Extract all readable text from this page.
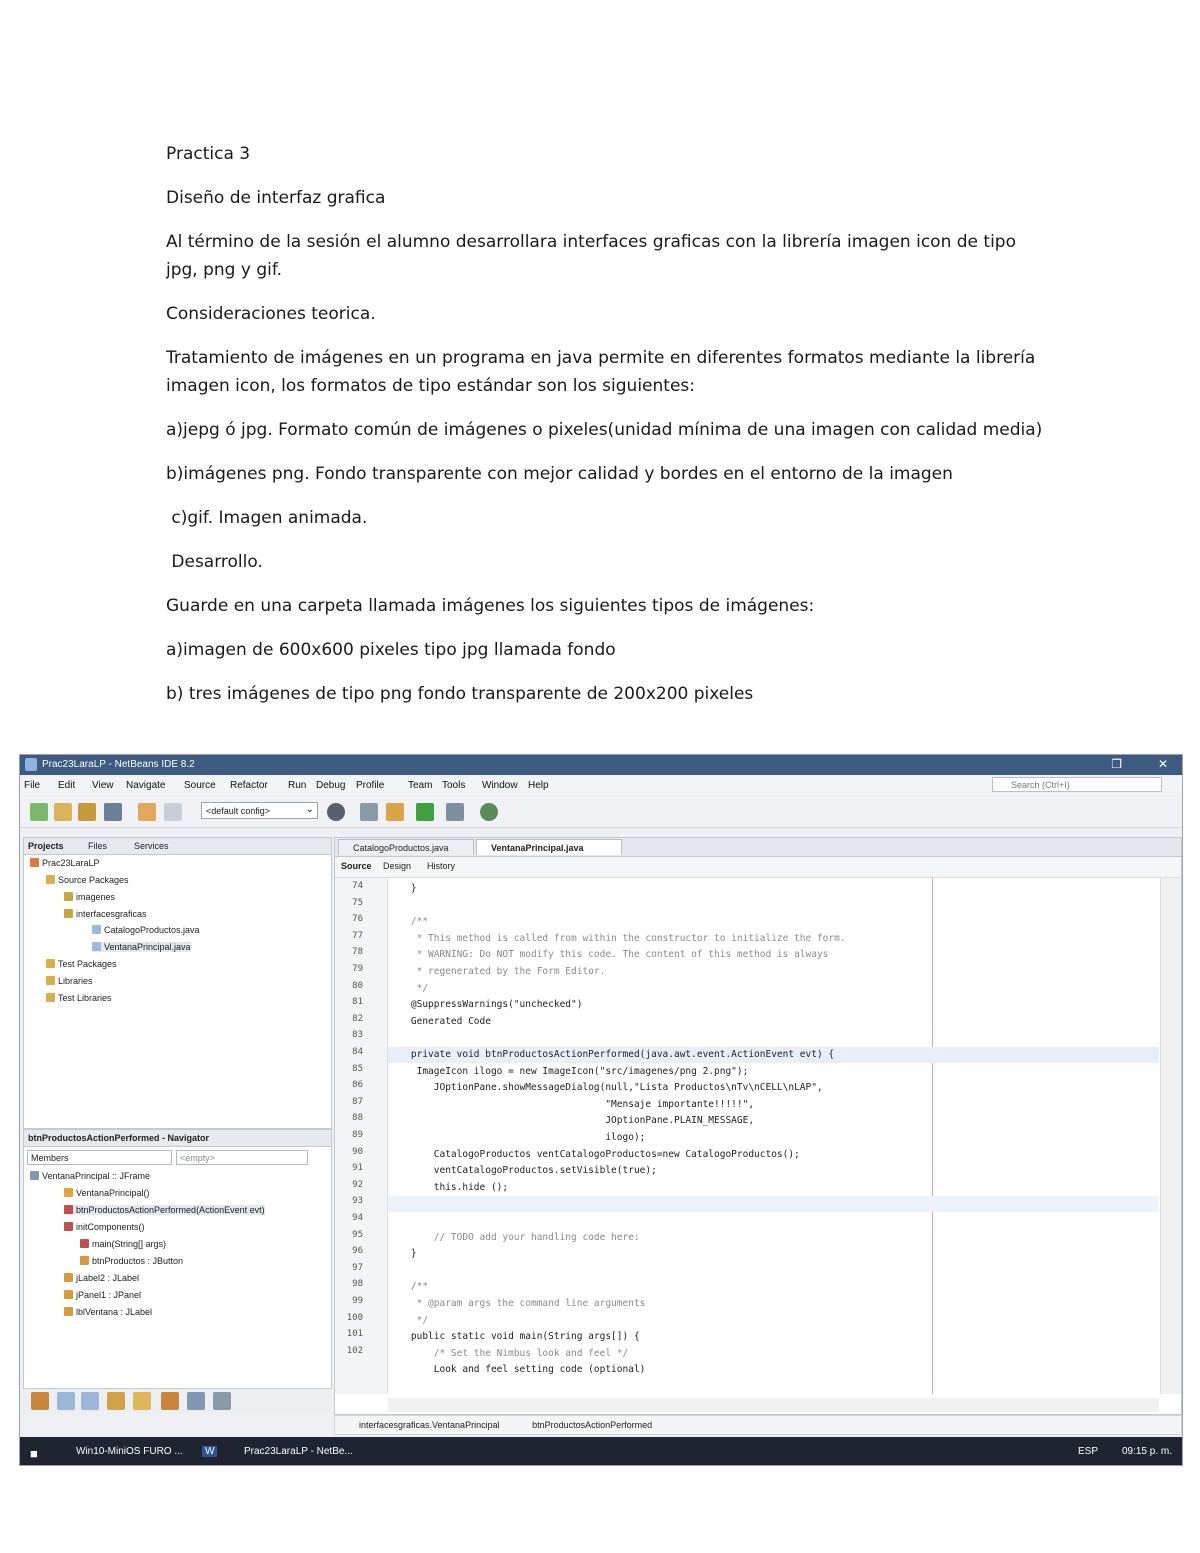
Practica 3

Diseño de interfaz grafica

Al término de la sesión el alumno desarrollara interfaces graficas con la librería imagen icon de tipo jpg, png y gif.

Consideraciones teorica.

Tratamiento de imágenes en un programa en java permite en diferentes formatos mediante la librería imagen icon, los formatos de tipo estándar son los siguientes:

a)jepg ó jpg. Formato común de imágenes o pixeles(unidad mínima de una imagen con calidad media)

b)imágenes png. Fondo transparente con mejor calidad y bordes en el entorno de la imagen

c)gif. Imagen animada.

Desarrollo.

Guarde en una carpeta llamada imágenes los siguientes tipos de imágenes:

a)imagen de 600x600 pixeles tipo jpg llamada fondo

b) tres imágenes de tipo png fondo transparente de 200x200 pixeles

Prac23LaraLP - NetBeans IDE 8.2	❐	✕
File Edit View Navigate Source Refactor Run Debug Profile Team Tools Window Help	Search (Ctrl+I)
<default config> ⌄
Projects	Files	Services
Prac23LaraLP
Source Packages
imagenes
interfacesgraficas
CatalogoProductos.java
VentanaPrincipal.java
Test Packages
Libraries
Test Libraries
btnProductosActionPerformed - Navigator
Members	<empty>
VentanaPrincipal :: JFrame
VentanaPrincipal()
btnProductosActionPerformed(ActionEvent evt)
initComponents()
main(String[] args)
btnProductos : JButton
jLabel2 : JLabel
jPanel1 : JPanel
lblVentana : JLabel
CatalogoProductos.java	VentanaPrincipal.java
Source Design History
74
75
76
77
78
79
80
81
82
83
84
85
86
87
88
89
90
91
92
93
94
95
96
97
98
99
100
101
102
}
/**
* This method is called from within the constructor to initialize the form.
* WARNING: Do NOT modify this code. The content of this method is always
* regenerated by the Form Editor.
*/
@SuppressWarnings("unchecked")
Generated Code
private void btnProductosActionPerformed(java.awt.event.ActionEvent evt) {
ImageIcon ilogo = new ImageIcon("src/imagenes/png 2.png");
JOptionPane.showMessageDialog(null,"Lista Productos\nTv\nCELL\nLAP",
"Mensaje importante!!!!!",
JOptionPane.PLAIN_MESSAGE,
ilogo);
CatalogoProductos ventCatalogoProductos=new CatalogoProductos();
ventCatalogoProductos.setVisible(true);
this.hide ();
// TODO add your handling code here:
}
/**
* @param args the command line arguments
*/
public static void main(String args[]) {
/* Set the Nimbus look and feel */
Look and feel setting code (optional)
interfacesgraficas.VentanaPrincipal	btnProductosActionPerformed
■	Win10-MiniOS FURO ...	W	Prac23LaraLP - NetBe...	ESP 09:15 p. m.
